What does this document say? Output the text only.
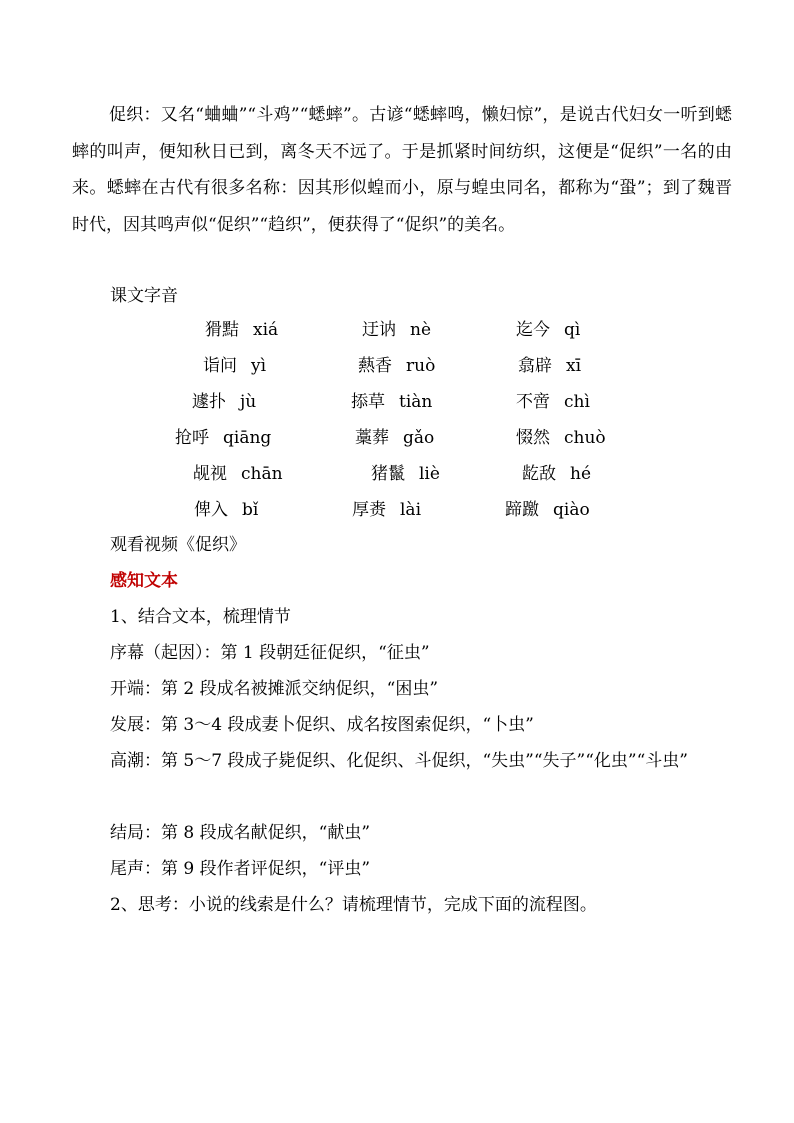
促织：又名“蛐蛐”“斗鸡”“蟋蟀”。古谚“蟋蟀鸣，懒妇惊”，是说古代妇女一听到蟋蟀的叫声，便知秋日已到，离冬天不远了。于是抓紧时间纺织，这便是“促织”一名的由来。蟋蟀在古代有很多名称：因其形似蝗而小，原与蝗虫同名，都称为“蛩”；到了魏晋时代，因其鸣声似“促织”“趋织”，便获得了“促织”的美名。

课文字音

猾黠 xiá	迂讷 nè	迄今 qì
诣问 yì	爇香 ruò	翕辟 xī
遽扑 jù	掭草 tiàn	不啻 chì
抢呼 qiāng	藁葬 gǎo	惙然 chuò
觇视 chān	猪鬣 liè	龁敌 hé
俾入 bǐ	厚赉 lài	蹄躈 qiào

观看视频《促织》

感知文本

1、结合文本，梳理情节

序幕（起因）：第 1 段朝廷征促织，“征虫”

开端：第 2 段成名被摊派交纳促织，“困虫”

发展：第 3～4 段成妻卜促织、成名按图索促织，“卜虫”

高潮：第 5～7 段成子毙促织、化促织、斗促织，“失虫”“失子”“化虫”“斗虫”

结局：第 8 段成名献促织，“献虫”

尾声：第 9 段作者评促织，“评虫”

2、思考：小说的线索是什么？请梳理情节，完成下面的流程图。
